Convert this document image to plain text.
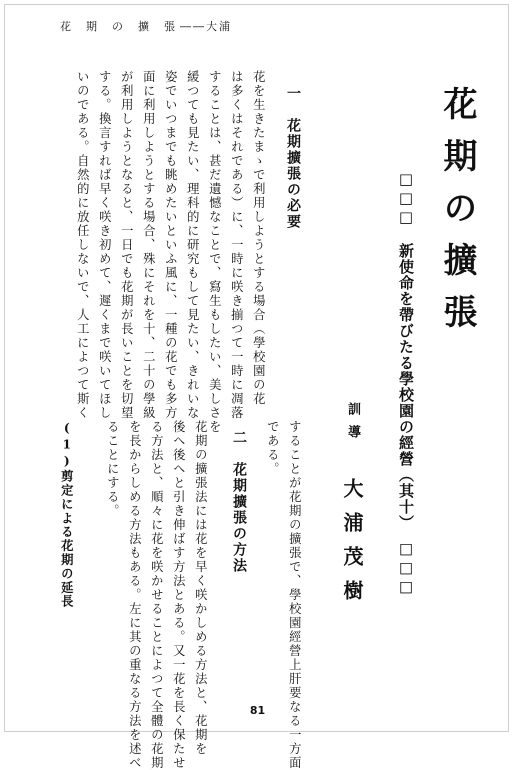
花　期　の　擴　張 ――大浦
花期の擴張
□□□　新使命を帶びたる學校園の經營（其十）　□□□
訓導
大浦茂樹
することが花期の擴張で、學校園經營上肝要なる一方面
である。
二　花期擴張の方法
花期の擴張法には花を早く咲かしめる方法と、花期を
後へ後へと引き伸ばす方法とある。又一花を長く保たせ
る方法と、順々に花を咲かせることによつて全體の花期
を長からしめる方法もある。左に其の重なる方法を述べ
ることにする。
(1)剪定による花期の延長
一　花期擴張の必要
花を生きたまゝで利用しようとする場合（學校園の花
は多くはそれである）に、一時に咲き揃つて一時に凋落
することは、甚だ遺憾なことで、寫生もしたい、美しさを
緩つても見たい、理科的に研究もして見たい、きれいな
姿でいつまでも眺めたいといふ風に、一種の花でも多方
面に利用しようとする場合、殊にそれを十、二十の學級
が利用しようとなると、一日でも花期が長いことを切望
する。換言すれば早く咲き初めて、遲くまで咲いてほし
いのである。自然的に放任しないで、人工によつて斯く
81
